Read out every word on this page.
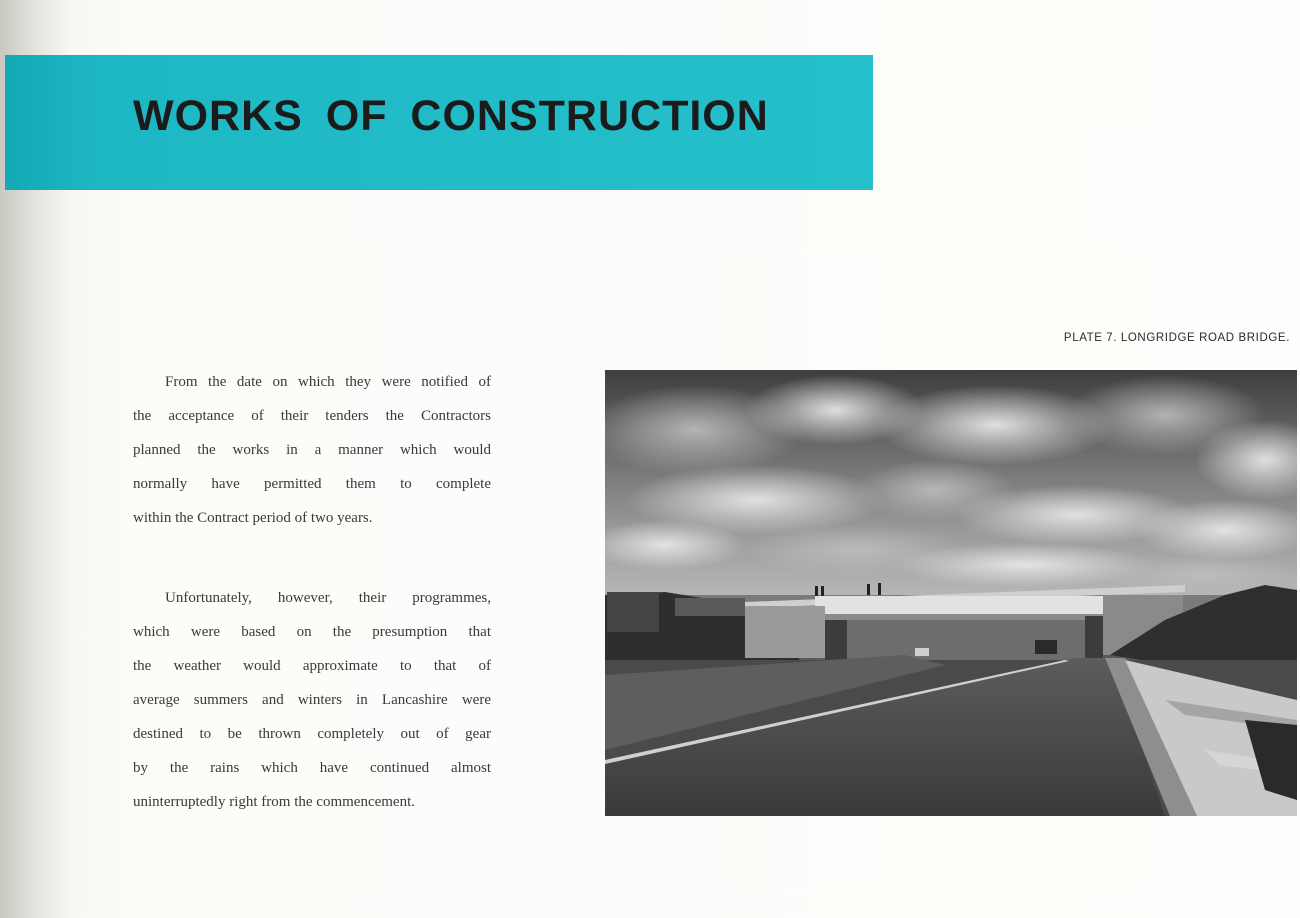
WORKS OF CONSTRUCTION
PLATE 7. LONGRIDGE ROAD BRIDGE.
From the date on which they were notified of
the acceptance of their tenders the Contractors
planned the works in a manner which would
normally have permitted them to complete
within the Contract period of two years.
Unfortunately, however, their programmes,
which were based on the presumption that
the weather would approximate to that of
average summers and winters in Lancashire were
destined to be thrown completely out of gear
by the rains which have continued almost
uninterruptedly right from the commencement.
